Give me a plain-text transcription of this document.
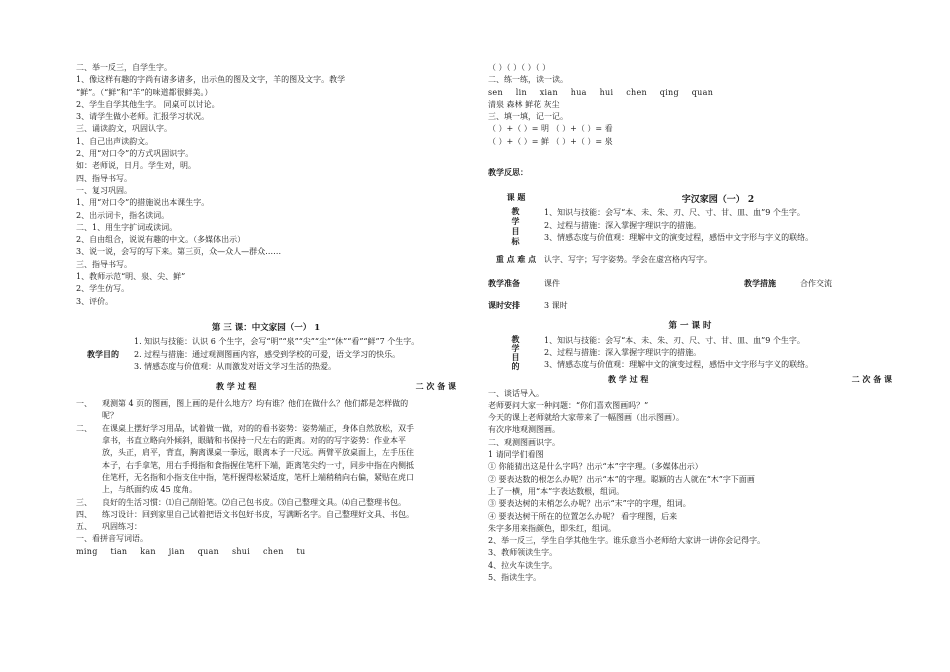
二、举一反三，自学生字。
1、像这样有趣的字尚有诸多诸多，出示鱼的图及文字，羊的图及文字。教学
“鲜”。（“鲜”和“羊”的味道都很鲜美。）
2、学生自学其他生字。 同桌可以讨论。
3、请学生做小老师。汇报学习状况。
三、诵读韵文，巩固认字。
1、自己出声读韵文。
2、用“对口令”的方式巩固识字。
如：老师说，日月。学生对，明。
四、指导书写。
一、复习巩固。
1、用“对口令”的措施说出本课生字。
2、出示词卡，指名读词。
二、1、用生字扩词或读词。
2、自由组合，说说有趣的中文。（多媒体出示）
3、说一说，会写的写下来。第三页，众—众人—群众……
三、指导书写。
1、教师示范“明、泉、尖、鲜”
2、学生仿写。
3、评价。
第 三 课：中文家园（一） 1
教学目的
1. 知识与技能：认识 6 个生字，会写“明”“泉”“尖”“尘”“休”“看”“鲜”7 个生字。
2. 过程与措施：通过观测图画内容，感受到学校的可爱，语文学习的快乐。
3. 情感态度与价值观：从而激发对语文学习生活的热爱。
教 学 过 程	二 次 备 课
一、	观测第 4 页的图画，图上画的是什么地方？均有谁？他们在做什么？他们都是怎样做的呢？
二、	在课桌上摆好学习用品，试着做一做，对的的看书姿势：姿势端正，身体自然放松，双手拿书，书直立略向外倾斜，眼睛和书保持一尺左右的距离。对的的写字姿势：作业本平放，头正，肩平，背直，胸离课桌一拳远，眼离本子一尺远。两臂平放桌面上，左手压住本子，右手拿笔，用右手拇指和食指握住笔杆下端，距离笔尖约一寸，同步中指在内侧抵住笔杆，无名指和小指支住中指，笔杆握得松紧适度，笔杆上端稍稍向右偏，紧贴在虎口上，与纸面约成 45 度角。
三、	良好的生活习惯：⑴自己削铅笔。⑵自己包书皮。⑶自己整理文具。⑷自己整理书包。
四、	练习设计：回到家里自己试着把语文书包好书皮，写满断名字。自己整理好文具、书包。
五、	巩固练习：
一、看拼音写词语。
ming tian kan jian quan shui chen tu
（ ）（ ）（ ）（ ）
二、练一练，读一读。
sen lin xian hua hui chen qing quan
清泉 森林 鲜花 灰尘
三、填一填，记一记。
（ ）+（ ）= 明 （ ）+（ ）= 看
（ ）+（ ）= 鲜 （ ）+（ ）= 泉
教学反思：
课 题	字汉家园（一） 2
教学目标	1、知识与技能：会写“本、未、朱、刃、尺、寸、甘、皿、血”9 个生字。
2、过程与措施：深入掌握字理识字的措施。
3、情感态度与价值观：理解中文的演变过程，感悟中文字形与字义的联络。
重 点 难 点 认字、写字；写字姿势。学会在虚宫格内写字。
教学准备	课件	教学措施	合作交流
课时安排	3 课时
第 一 课 时
教学目的	1、知识与技能：会写“本、未、朱、刃、尺、寸、甘、皿、血”9 个生字。
2、过程与措施：深入掌握字理识字的措施。
3、情感态度与价值观：理解中文的演变过程，感悟中文字形与字义的联络。
教 学 过 程	二 次 备 课
一、谈话导入。
老师要问大家一种问题：“你们喜欢图画吗？”
今天的课上老师就给大家带来了一幅图画（出示图画）。
有次序地观测图画。
二、观测图画识字。
1 请同学们看图
① 你能猜出这是什么字吗？出示“本”字字理。（多媒体出示）
② 要表达数的根怎么办呢？出示“本”的字理。聪颖的古人就在“木”字下面画
上了一横，用“本”字表达数根，组词。
③ 要表达树的末梢怎么办呢？出示“末”字的字理，组词。
④ 要表达树干所在的位置怎么办呢？ 看字理图，后来
朱字多用来指颜色，即朱红，组词。
2、举一反三，学生自学其他生字。谁乐意当小老师给大家讲一讲你会记得字。
3、教师领读生字。
4、拉火车读生字。
5、指读生字。
